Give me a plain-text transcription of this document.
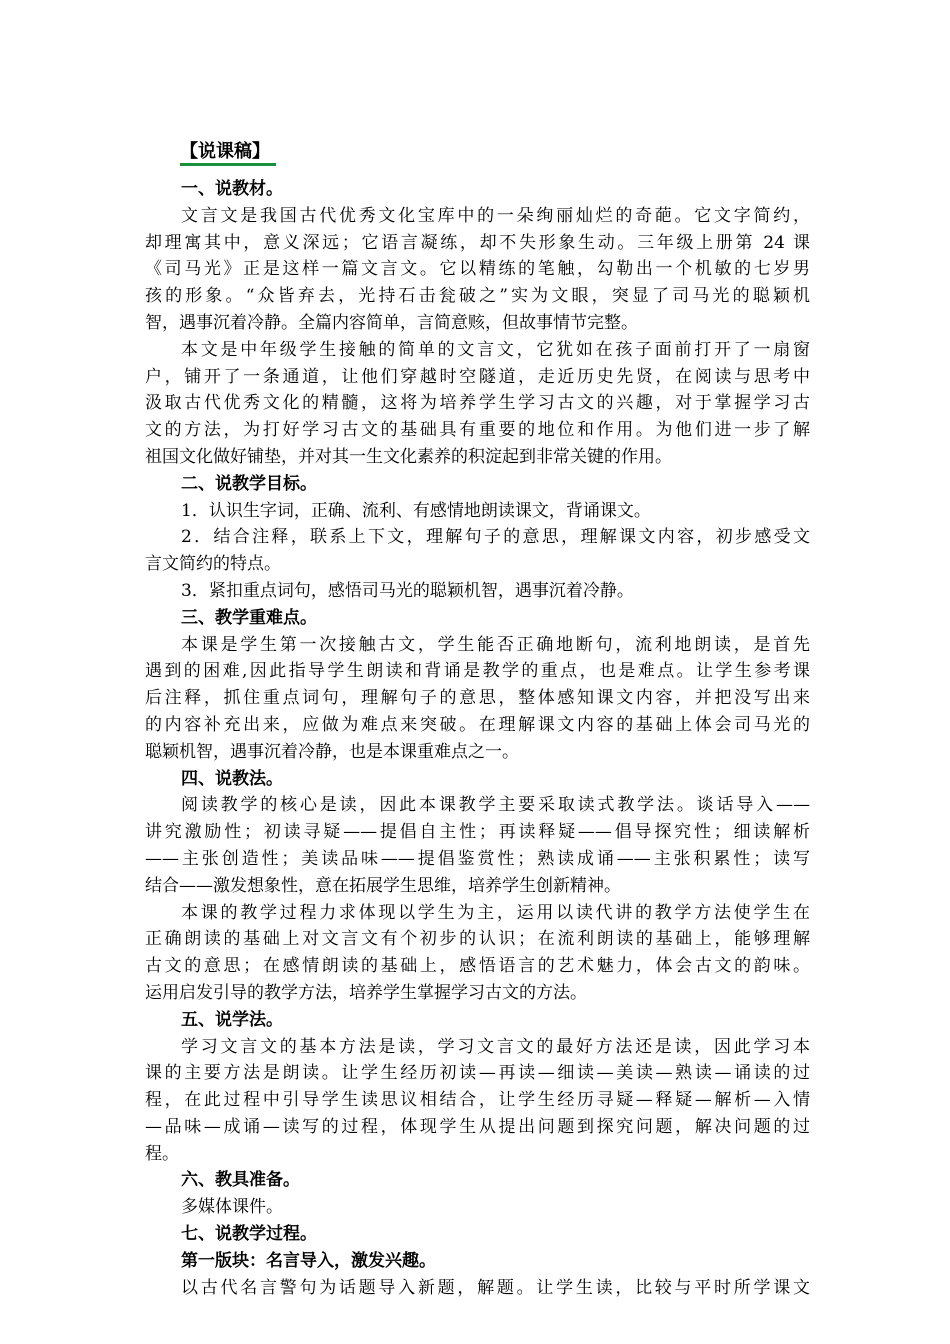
【说课稿】
一、说教材。
文言文是我国古代优秀文化宝库中的一朵绚丽灿烂的奇葩。它文字简约，
却理寓其中，意义深远；它语言凝练，却不失形象生动。三年级上册第 24 课
《司马光》正是这样一篇文言文。它以精练的笔触，勾勒出一个机敏的七岁男
孩的形象。“众皆弃去，光持石击瓮破之”实为文眼，突显了司马光的聪颖机
智，遇事沉着冷静。全篇内容简单，言简意赅，但故事情节完整。
本文是中年级学生接触的简单的文言文，它犹如在孩子面前打开了一扇窗
户，铺开了一条通道，让他们穿越时空隧道，走近历史先贤，在阅读与思考中
汲取古代优秀文化的精髓，这将为培养学生学习古文的兴趣，对于掌握学习古
文的方法，为打好学习古文的基础具有重要的地位和作用。为他们进一步了解
祖国文化做好铺垫，并对其一生文化素养的积淀起到非常关键的作用。
二、说教学目标。
1．认识生字词，正确、流利、有感情地朗读课文，背诵课文。
2．结合注释，联系上下文，理解句子的意思，理解课文内容，初步感受文
言文简约的特点。
3．紧扣重点词句，感悟司马光的聪颖机智，遇事沉着冷静。
三、教学重难点。
本课是学生第一次接触古文，学生能否正确地断句，流利地朗读，是首先
遇到的困难,因此指导学生朗读和背诵是教学的重点，也是难点。让学生参考课
后注释，抓住重点词句，理解句子的意思，整体感知课文内容，并把没写出来
的内容补充出来，应做为难点来突破。在理解课文内容的基础上体会司马光的
聪颖机智，遇事沉着冷静，也是本课重难点之一。
四、说教法。
阅读教学的核心是读，因此本课教学主要采取读式教学法。谈话导入——
讲究激励性；初读寻疑——提倡自主性；再读释疑——倡导探究性；细读解析
——主张创造性；美读品味——提倡鉴赏性；熟读成诵——主张积累性；读写
结合——激发想象性，意在拓展学生思维，培养学生创新精神。
本课的教学过程力求体现以学生为主，运用以读代讲的教学方法使学生在
正确朗读的基础上对文言文有个初步的认识；在流利朗读的基础上，能够理解
古文的意思；在感情朗读的基础上，感悟语言的艺术魅力，体会古文的韵味。
运用启发引导的教学方法，培养学生掌握学习古文的方法。
五、说学法。
学习文言文的基本方法是读，学习文言文的最好方法还是读，因此学习本
课的主要方法是朗读。让学生经历初读—再读—细读—美读—熟读—诵读的过
程，在此过程中引导学生读思议相结合，让学生经历寻疑—释疑—解析—入情
—品味—成诵—读写的过程，体现学生从提出问题到探究问题，解决问题的过
程。
六、教具准备。
多媒体课件。
七、说教学过程。
第一版块：名言导入，激发兴趣。
以古代名言警句为话题导入新题，解题。让学生读，比较与平时所学课文
